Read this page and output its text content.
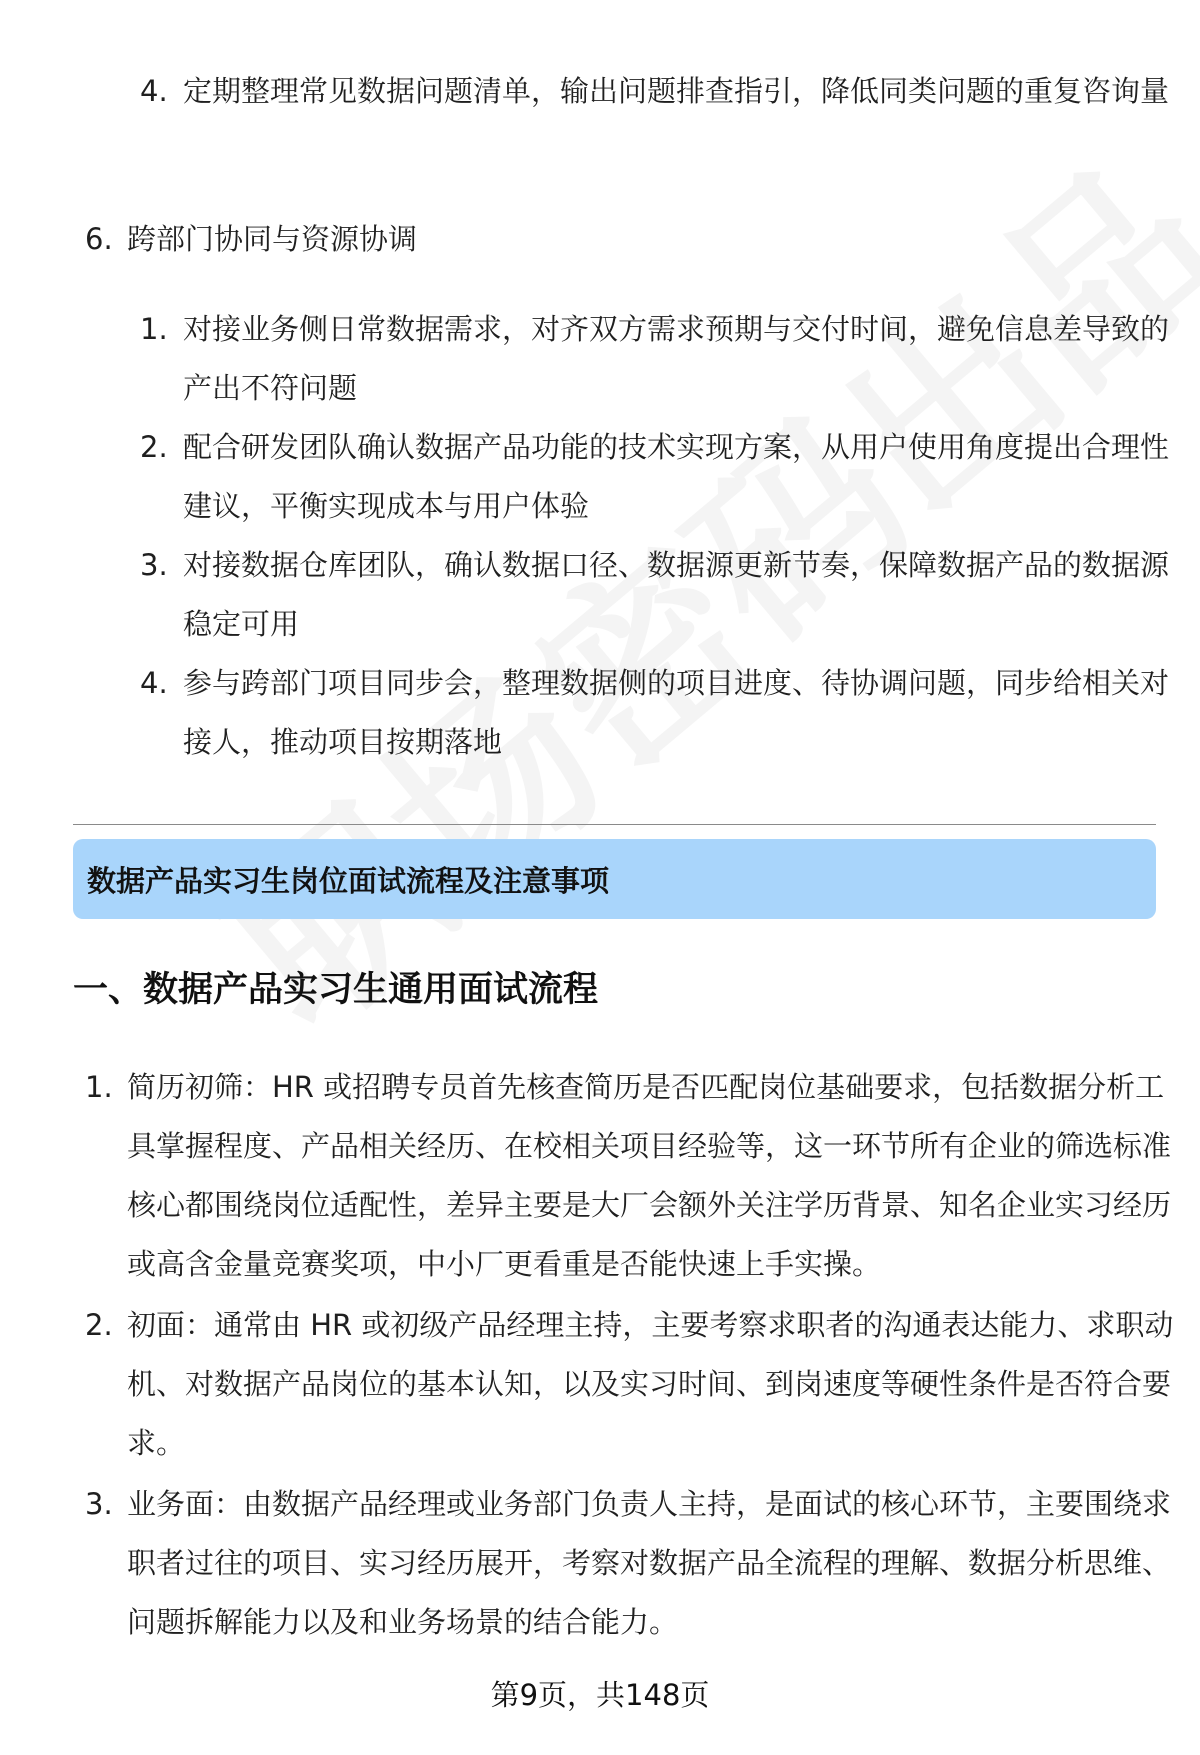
4. 定期整理常见数据问题清单，输出问题排查指引，降低同类问题的重复咨询量
6. 跨部门协同与资源协调
1. 对接业务侧日常数据需求，对齐双方需求预期与交付时间，避免信息差导致的产出不符问题
2. 配合研发团队确认数据产品功能的技术实现方案，从用户使用角度提出合理性建议，平衡实现成本与用户体验
3. 对接数据仓库团队，确认数据口径、数据源更新节奏，保障数据产品的数据源稳定可用
4. 参与跨部门项目同步会，整理数据侧的项目进度、待协调问题，同步给相关对接人，推动项目按期落地
数据产品实习生岗位面试流程及注意事项
一、数据产品实习生通用面试流程
1. 简历初筛：HR 或招聘专员首先核查简历是否匹配岗位基础要求，包括数据分析工具掌握程度、产品相关经历、在校相关项目经验等，这一环节所有企业的筛选标准核心都围绕岗位适配性，差异主要是大厂会额外关注学历背景、知名企业实习经历或高含金量竞赛奖项，中小厂更看重是否能快速上手实操。
2. 初面：通常由 HR 或初级产品经理主持，主要考察求职者的沟通表达能力、求职动机、对数据产品岗位的基本认知，以及实习时间、到岗速度等硬性条件是否符合要求。
3. 业务面：由数据产品经理或业务部门负责人主持，是面试的核心环节，主要围绕求职者过往的项目、实习经历展开，考察对数据产品全流程的理解、数据分析思维、问题拆解能力以及和业务场景的结合能力。
第9页，共148页
